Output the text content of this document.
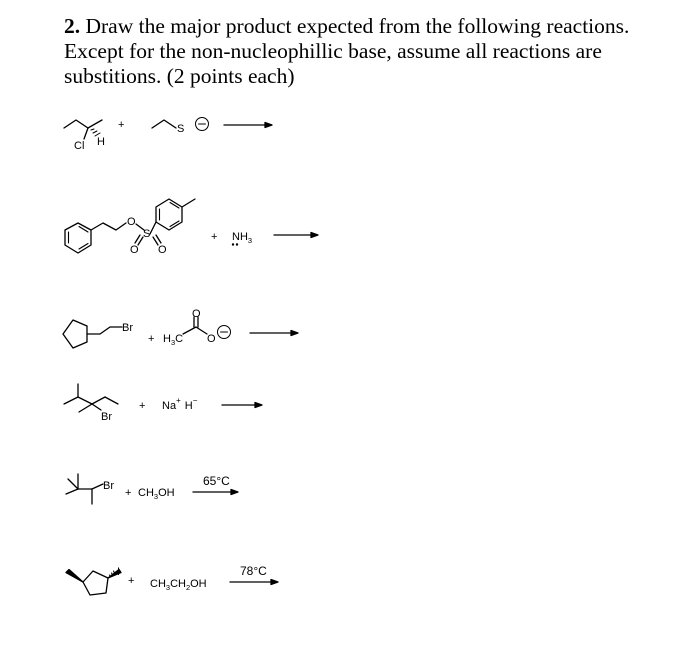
2. Draw the major product expected from the following reactions. Except for the non-nucleophillic base, assume all reactions are substitions. (2 points each)
Cl H
+	S
O
S
O O
+ $NH_3$
Br
+ $H_3C$
O
O
Br
+ Na+ H−
Br
+ $CH_3OH$
65°C
I
+ $CH_3CH_2OH$
78°C
